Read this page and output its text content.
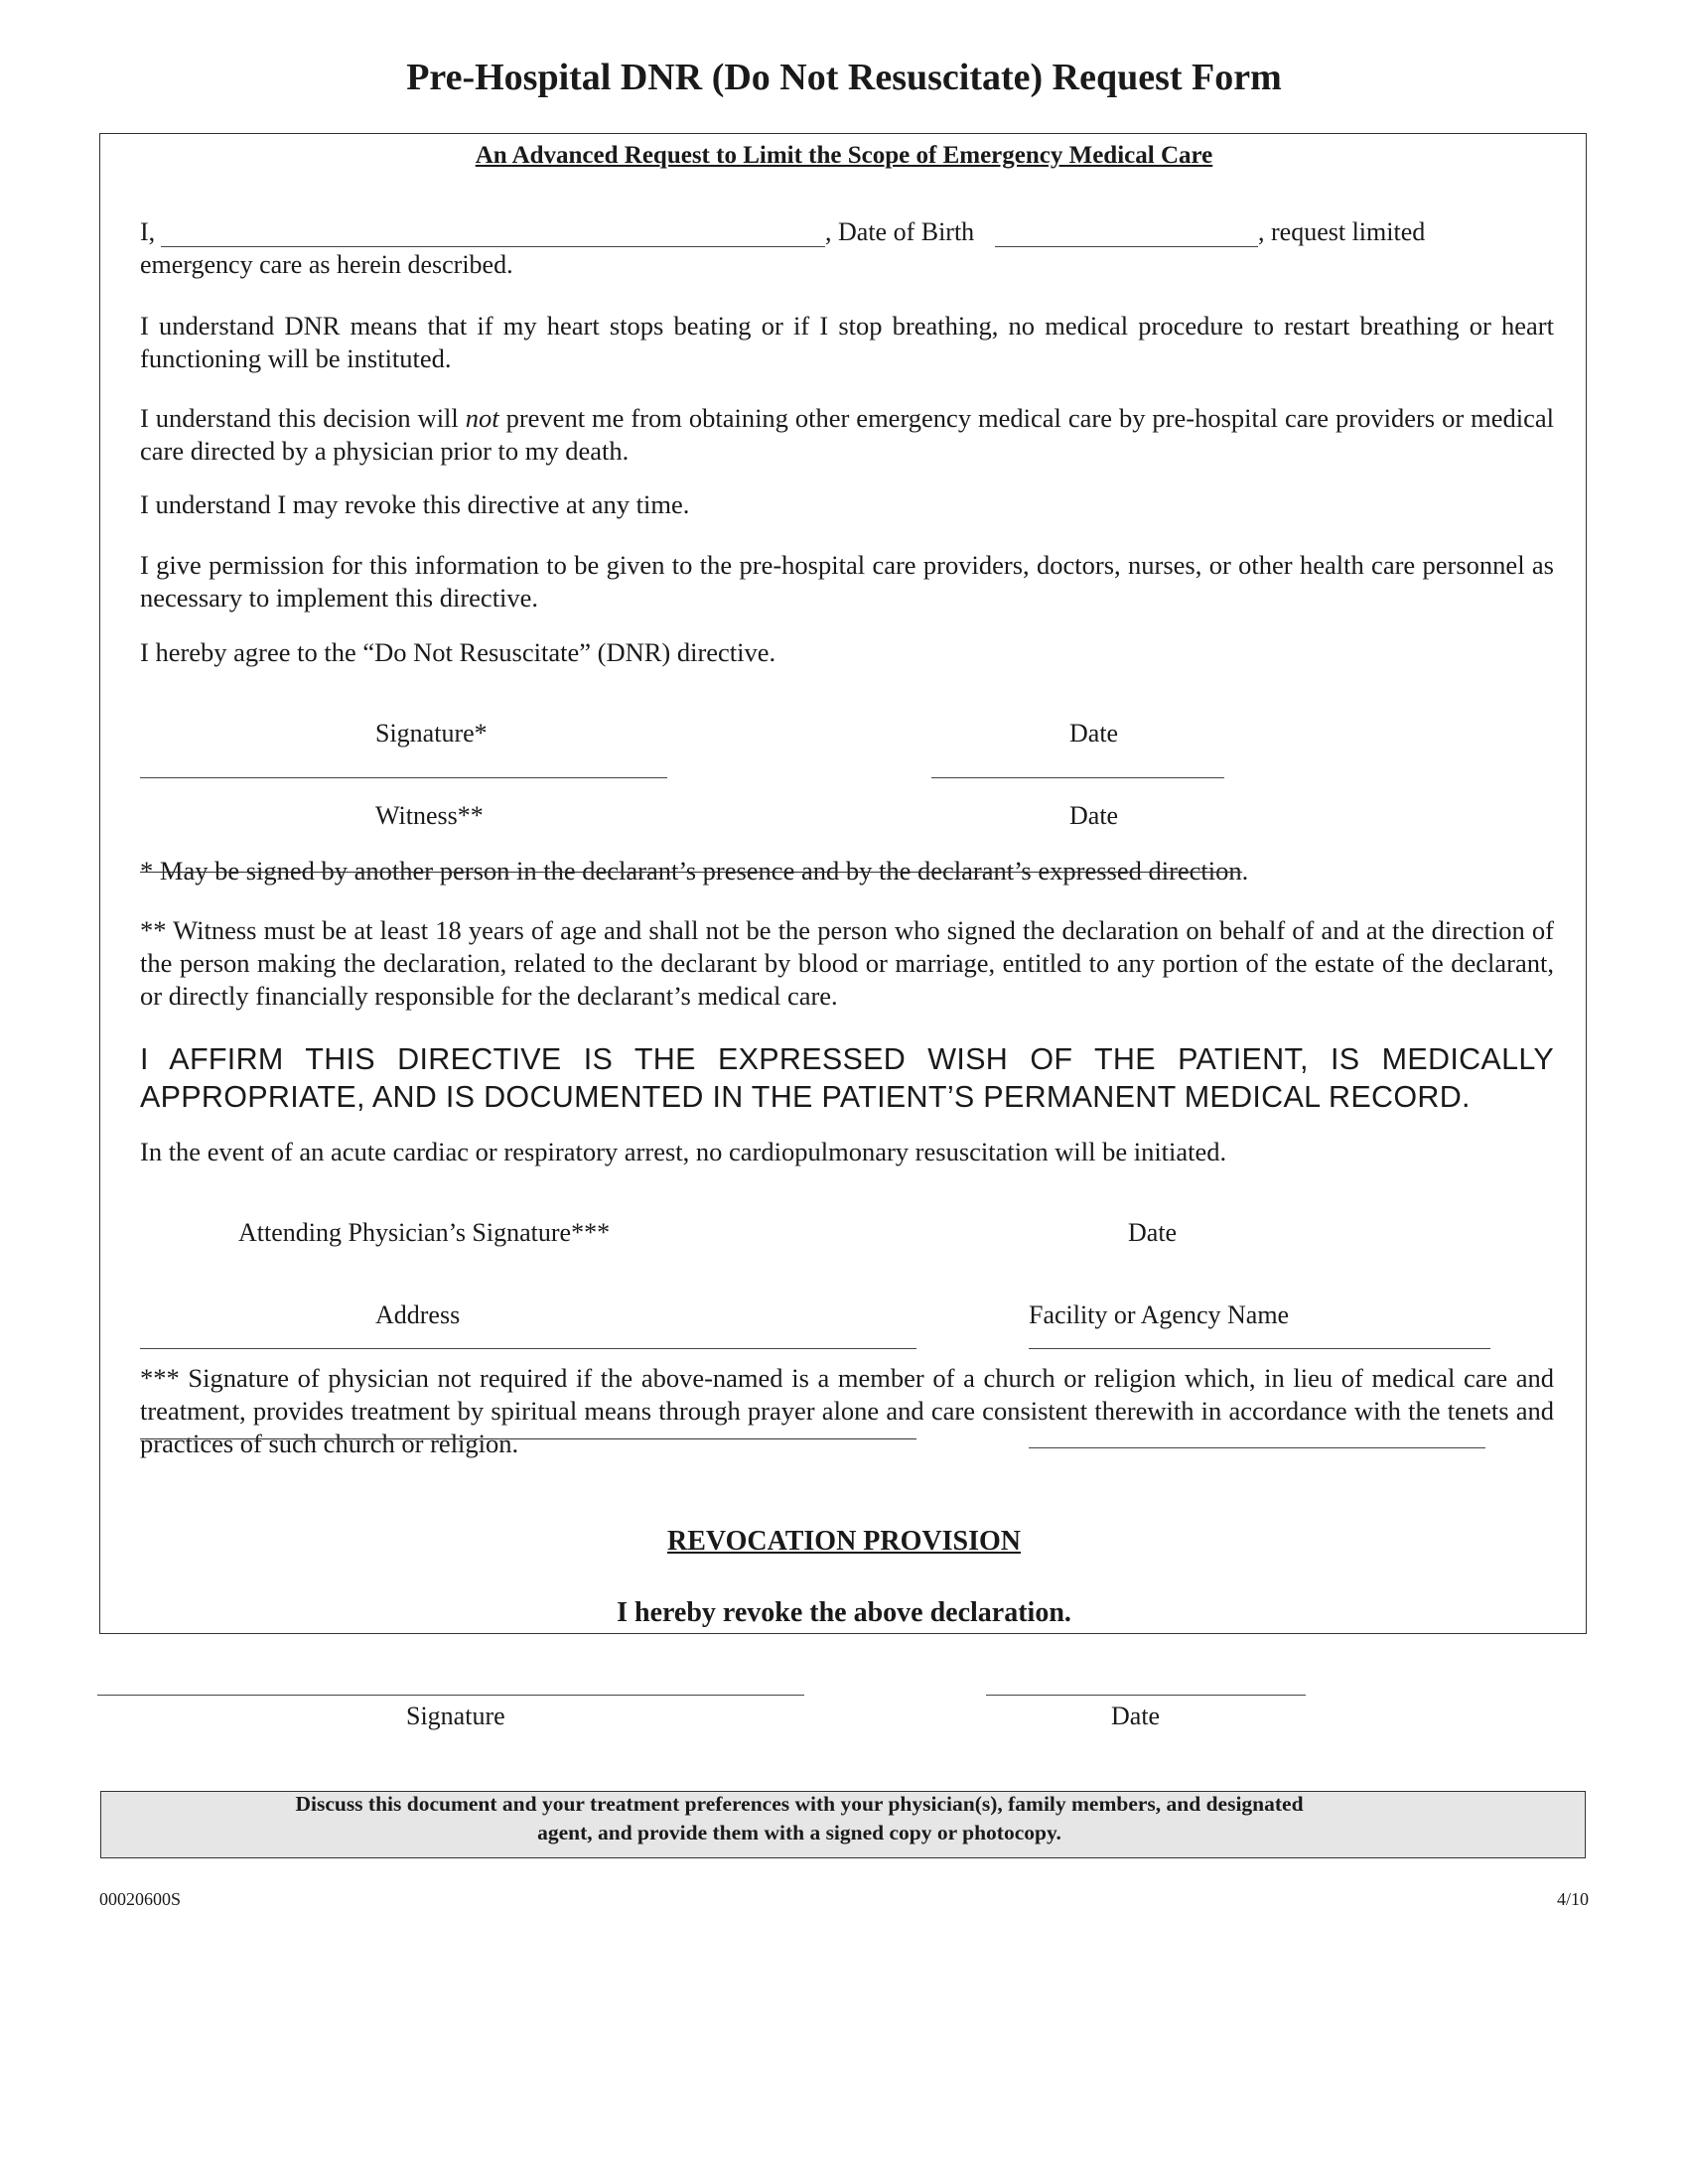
Pre-Hospital DNR (Do Not Resuscitate) Request Form
An Advanced Request to Limit the Scope of Emergency Medical Care
I,	, Date of Birth	, request limited
emergency care as herein described.
I understand DNR means that if my heart stops beating or if I stop breathing, no medical procedure to restart breathing or heart functioning will be instituted.
I understand this decision will not prevent me from obtaining other emergency medical care by pre-hospital care providers or medical care directed by a physician prior to my death.
I understand I may revoke this directive at any time.
I give permission for this information to be given to the pre-hospital care providers, doctors, nurses, or other health care personnel as necessary to implement this directive.
I hereby agree to the “Do Not Resuscitate” (DNR) directive.
Signature*	Date
Witness**	Date
* May be signed by another person in the declarant’s presence and by the declarant’s expressed direction.
** Witness must be at least 18 years of age and shall not be the person who signed the declaration on behalf of and at the direction of the person making the declaration, related to the declarant by blood or marriage, entitled to any portion of the estate of the declarant, or directly financially responsible for the declarant’s medical care.
I AFFIRM THIS DIRECTIVE IS THE EXPRESSED WISH OF THE PATIENT, IS MEDICALLY
APPROPRIATE, AND IS DOCUMENTED IN THE PATIENT’S PERMANENT MEDICAL RECORD.
In the event of an acute cardiac or respiratory arrest, no cardiopulmonary resuscitation will be initiated.
Attending Physician’s Signature***	Date
Address	Facility or Agency Name
*** Signature of physician not required if the above-named is a member of a church or religion which, in lieu of medical care and treatment, provides treatment by spiritual means through prayer alone and care consistent therewith in accordance with the tenets and practices of such church or religion.
REVOCATION PROVISION
I hereby revoke the above declaration.
Signature	Date
Discuss this document and your treatment preferences with your physician(s), family members, and designated
agent, and provide them with a signed copy or photocopy.
00020600S	4/10
